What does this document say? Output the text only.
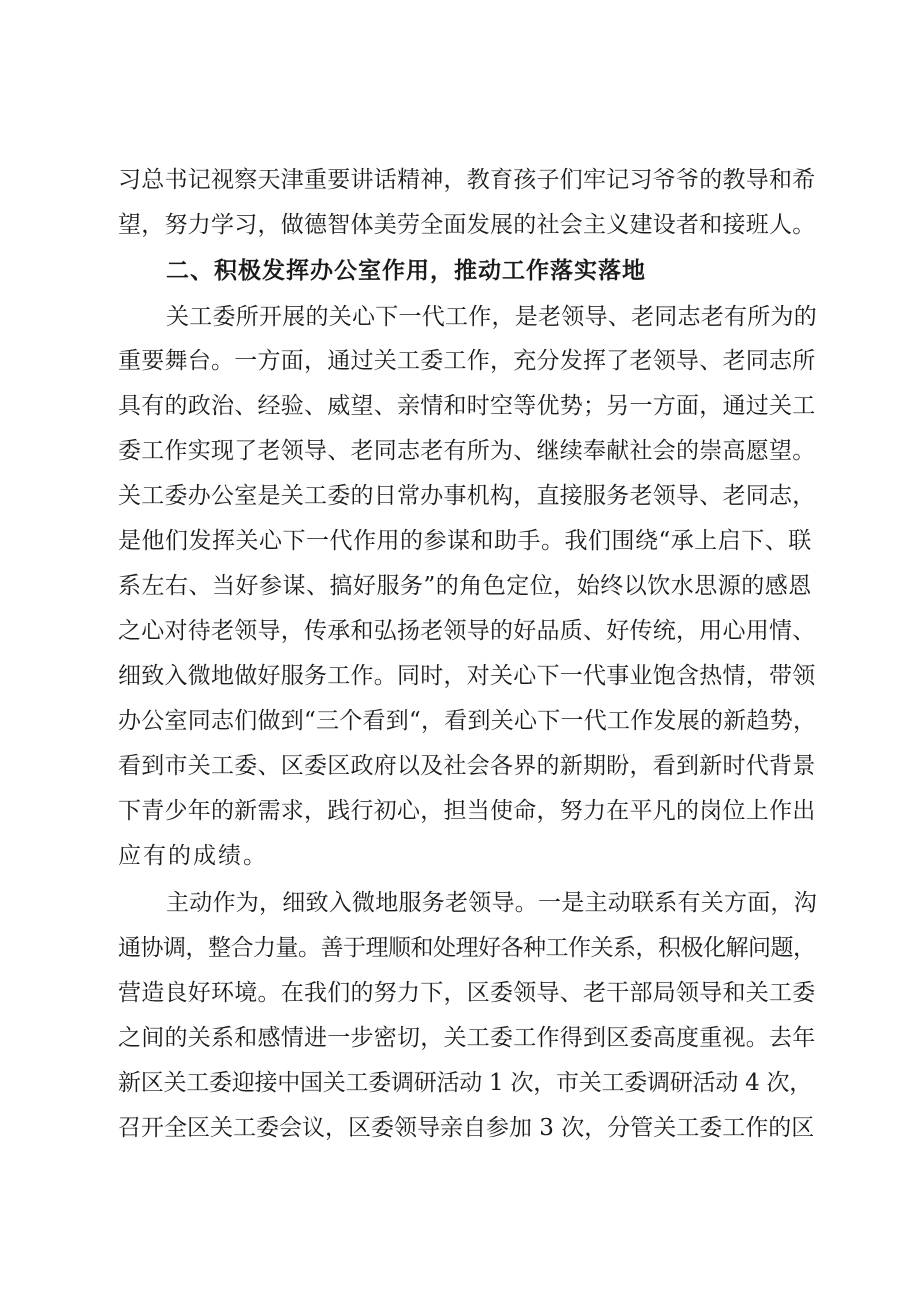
习总书记视察天津重要讲话精神，教育孩子们牢记习爷爷的教导和希
望，努力学习，做德智体美劳全面发展的社会主义建设者和接班人。
二、积极发挥办公室作用，推动工作落实落地
关工委所开展的关心下一代工作，是老领导、老同志老有所为的
重要舞台。一方面，通过关工委工作，充分发挥了老领导、老同志所
具有的政治、经验、威望、亲情和时空等优势；另一方面，通过关工
委工作实现了老领导、老同志老有所为、继续奉献社会的崇高愿望。
关工委办公室是关工委的日常办事机构，直接服务老领导、老同志，
是他们发挥关心下一代作用的参谋和助手。我们围绕“承上启下、联
系左右、当好参谋、搞好服务”的角色定位，始终以饮水思源的感恩
之心对待老领导，传承和弘扬老领导的好品质、好传统，用心用情、
细致入微地做好服务工作。同时，对关心下一代事业饱含热情，带领
办公室同志们做到“三个看到“，看到关心下一代工作发展的新趋势，
看到市关工委、区委区政府以及社会各界的新期盼，看到新时代背景
下青少年的新需求，践行初心，担当使命，努力在平凡的岗位上作出
应有的成绩。
主动作为，细致入微地服务老领导。一是主动联系有关方面，沟
通协调，整合力量。善于理顺和处理好各种工作关系，积极化解问题，
营造良好环境。在我们的努力下，区委领导、老干部局领导和关工委
之间的关系和感情进一步密切，关工委工作得到区委高度重视。去年
新区关工委迎接中国关工委调研活动 1 次，市关工委调研活动 4 次，
召开全区关工委会议，区委领导亲自参加 3 次，分管关工委工作的区
